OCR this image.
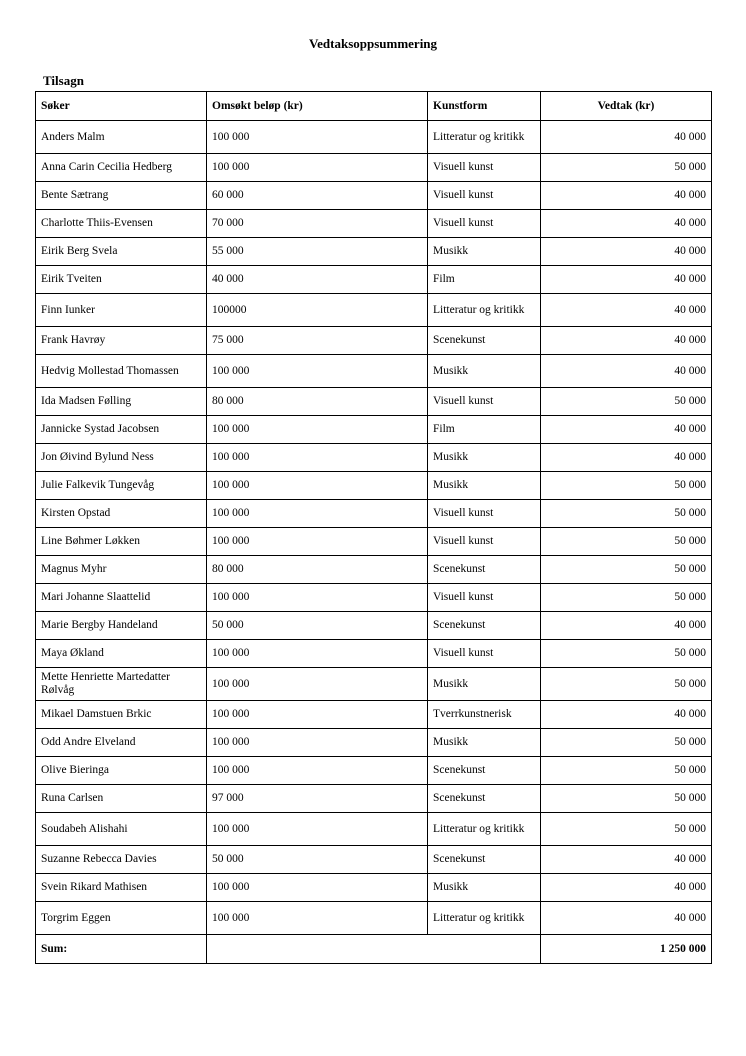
Vedtaksoppsummering
Tilsagn
Søker	Omsøkt beløp (kr)	Kunstform	Vedtak (kr)
Anders Malm	100 000	Litteratur og kritikk	40 000
Anna Carin Cecilia Hedberg	100 000	Visuell kunst	50 000
Bente Sætrang	60 000	Visuell kunst	40 000
Charlotte Thiis-Evensen	70 000	Visuell kunst	40 000
Eirik Berg Svela	55 000	Musikk	40 000
Eirik Tveiten	40 000	Film	40 000
Finn Iunker	100000	Litteratur og kritikk	40 000
Frank Havrøy	75 000	Scenekunst	40 000
Hedvig Mollestad Thomassen	100 000	Musikk	40 000
Ida Madsen Følling	80 000	Visuell kunst	50 000
Jannicke Systad Jacobsen	100 000	Film	40 000
Jon Øivind Bylund Ness	100 000	Musikk	40 000
Julie Falkevik Tungevåg	100 000	Musikk	50 000
Kirsten Opstad	100 000	Visuell kunst	50 000
Line Bøhmer Løkken	100 000	Visuell kunst	50 000
Magnus Myhr	80 000	Scenekunst	50 000
Mari Johanne Slaattelid	100 000	Visuell kunst	50 000
Marie Bergby Handeland	50 000	Scenekunst	40 000
Maya Økland	100 000	Visuell kunst	50 000
Mette Henriette Martedatter Rølvåg	100 000	Musikk	50 000
Mikael Damstuen Brkic	100 000	Tverrkunstnerisk	40 000
Odd Andre Elveland	100 000	Musikk	50 000
Olive Bieringa	100 000	Scenekunst	50 000
Runa Carlsen	97 000	Scenekunst	50 000
Soudabeh Alishahi	100 000	Litteratur og kritikk	50 000
Suzanne Rebecca Davies	50 000	Scenekunst	40 000
Svein Rikard Mathisen	100 000	Musikk	40 000
Torgrim Eggen	100 000	Litteratur og kritikk	40 000
Sum:			1 250 000
